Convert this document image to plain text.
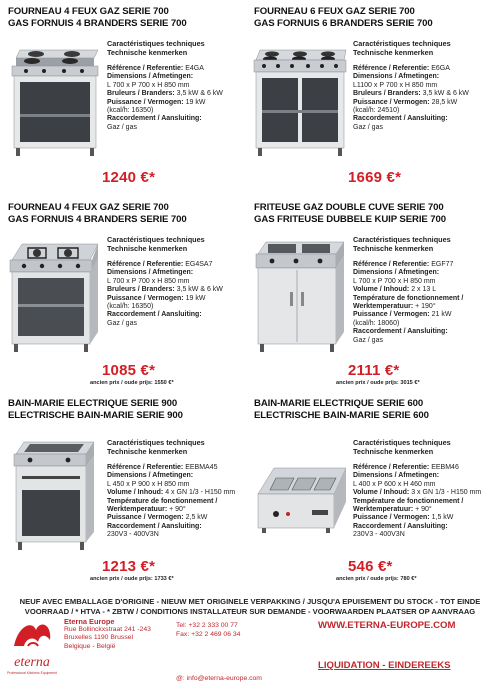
FOURNEAU 4 FEUX GAZ SERIE 700
GAS FORNUIS 4 BRANDERS SERIE 700
Caractéristiques techniques
Technische kenmerken
Référence / Referentie: E4GA
Dimensions / Afmetingen:
L 700 x P 700 x H 850 mm
Bruleurs / Branders: 3,5 kW & 6 kW
Puissance / Vermogen: 19 kW
(kcal/h: 16350)
Raccordement / Aansluiting:
Gaz / gas
1240 €*
FOURNEAU 6 FEUX GAZ SERIE 700
GAS FORNUIS 6 BRANDERS SERIE 700
Caractéristiques techniques
Technische kenmerken
Référence / Referentie: E6GA
Dimensions / Afmetingen:
L1100 x P 700 x H 850 mm
Bruleurs / Branders: 3,5 kW & 6 kW
Puissance / Vermogen: 28,5 kW
(kcal/h: 24510)
Raccordement / Aansluiting:
Gaz / gas
1669 €*
FOURNEAU 4 FEUX GAZ SERIE 700
GAS FORNUIS 4 BRANDERS SERIE 700
Caractéristiques techniques
Technische kenmerken
Référence / Referentie: EG4SA7
Dimensions / Afmetingen:
L 700 x P 700 x H 850 mm
Bruleurs / Branders: 3,5 kW & 6 kW
Puissance / Vermogen: 19 kW
(kcal/h: 16350)
Raccordement / Aansluiting:
Gaz / gas
1085 €*
ancien prix / oude prijs: 1550 €*
FRITEUSE GAZ DOUBLE CUVE SERIE 700
GAS FRITEUSE DUBBELE KUIP SERIE 700
Caractéristiques techniques
Technische kenmerken
Référence / Referentie: EGF77
Dimensions / Afmetingen:
L 700 x P 700 x H 850 mm
Volume / Inhoud: 2 x 13 L
Température de fonctionnement /
Werktemperatuur: + 190°
Puissance / Vermogen: 21 kW
(kcal/h: 18060)
Raccordement / Aansluiting:
Gaz / gas
2111 €*
ancien prix / oude prijs: 3015 €*
BAIN-MARIE ELECTRIQUE SERIE 900
ELECTRISCHE BAIN-MARIE SERIE 900
Caractéristiques techniques
Technische kenmerken
Référence / Referentie: EEBMA45
Dimensions / Afmetingen:
L 450 x P 900 x H 850 mm
Volume / Inhoud: 4 x GN 1/3 - H150 mm
Température de fonctionnement /
Werktemperatuur: + 90°
Puissance / Vermogen: 2,5 kW
Raccordement / Aansluiting:
230V3 - 400V3N
1213 €*
ancien prix / oude prijs: 1733 €*
BAIN-MARIE ELECTRIQUE SERIE 600
ELECTRISCHE BAIN-MARIE SERIE 600
Caractéristiques techniques
Technische kenmerken
Référence / Referentie: EEBM46
Dimensions / Afmetingen:
L 400 x P 600 x H 460 mm
Volume / Inhoud: 3 x GN 1/3 - H150 mm
Température de fonctionnement /
Werktemperatuur: + 90°
Puissance / Vermogen: 1,5 kW
Raccordement / Aansluiting:
230V3 - 400V3N
546 €*
ancien prix / oude prijs: 780 €*
NEUF AVEC EMBALLAGE D'ORIGINE - NIEUW MET ORIGINELE VERPAKKING / JUSQU'A EPUISEMENT DU STOCK - TOT EINDE
VOORRAAD / * HTVA - * ZBTW / CONDITIONS INSTALLATEUR SUR DEMANDE - VOORWAARDEN PLAATSER OP AANVRAAG
eterna
Professional Kitchens Equipment
Eterna Europe
Rue Bollinckxstraat 241 -243
Bruxelles 1190 Brussel
Belgique - België
Tel: +32 2 333 00 77
Fax: +32 2 469 06 34
@: info@eterna-europe.com
WWW.ETERNA-EUROPE.COM
LIQUIDATION - EINDEREEKS
